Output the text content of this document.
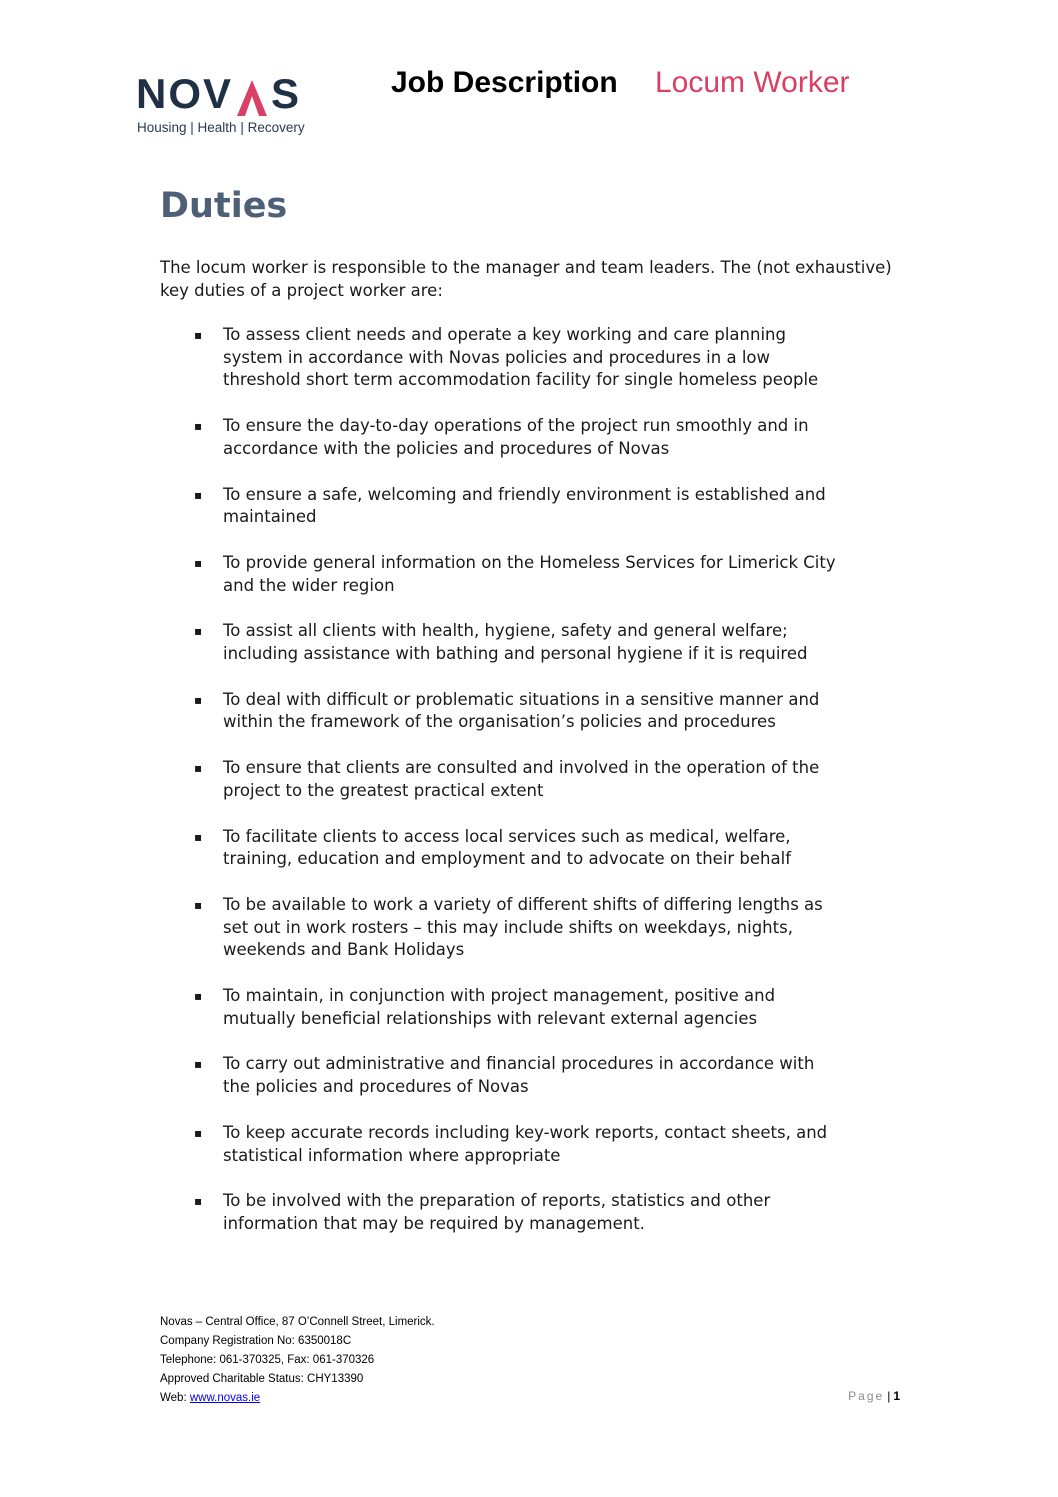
N O V S
Housing | Health | Recovery
Job Description Locum Worker
Duties

The locum worker is responsible to the manager and team leaders. The (not exhaustive) key duties of a project worker are:

▪ To assess client needs and operate a key working and care planning
system in accordance with Novas policies and procedures in a low
threshold short term accommodation facility for single homeless people
▪ To ensure the day-to-day operations of the project run smoothly and in
accordance with the policies and procedures of Novas
▪ To ensure a safe, welcoming and friendly environment is established and
maintained
▪ To provide general information on the Homeless Services for Limerick City
and the wider region
▪ To assist all clients with health, hygiene, safety and general welfare;
including assistance with bathing and personal hygiene if it is required
▪ To deal with difficult or problematic situations in a sensitive manner and
within the framework of the organisation’s policies and procedures
▪ To ensure that clients are consulted and involved in the operation of the
project to the greatest practical extent
▪ To facilitate clients to access local services such as medical, welfare,
training, education and employment and to advocate on their behalf
▪ To be available to work a variety of different shifts of differing lengths as
set out in work rosters – this may include shifts on weekdays, nights,
weekends and Bank Holidays
▪ To maintain, in conjunction with project management, positive and
mutually beneficial relationships with relevant external agencies
▪ To carry out administrative and financial procedures in accordance with
the policies and procedures of Novas
▪ To keep accurate records including key-work reports, contact sheets, and
statistical information where appropriate
▪ To be involved with the preparation of reports, statistics and other
information that may be required by management.
Novas – Central Office, 87 O’Connell Street, Limerick.
Company Registration No: 6350018C
Telephone: 061-370325, Fax: 061-370326
Approved Charitable Status: CHY13390
Web: www.novas.ie	Page | 1
